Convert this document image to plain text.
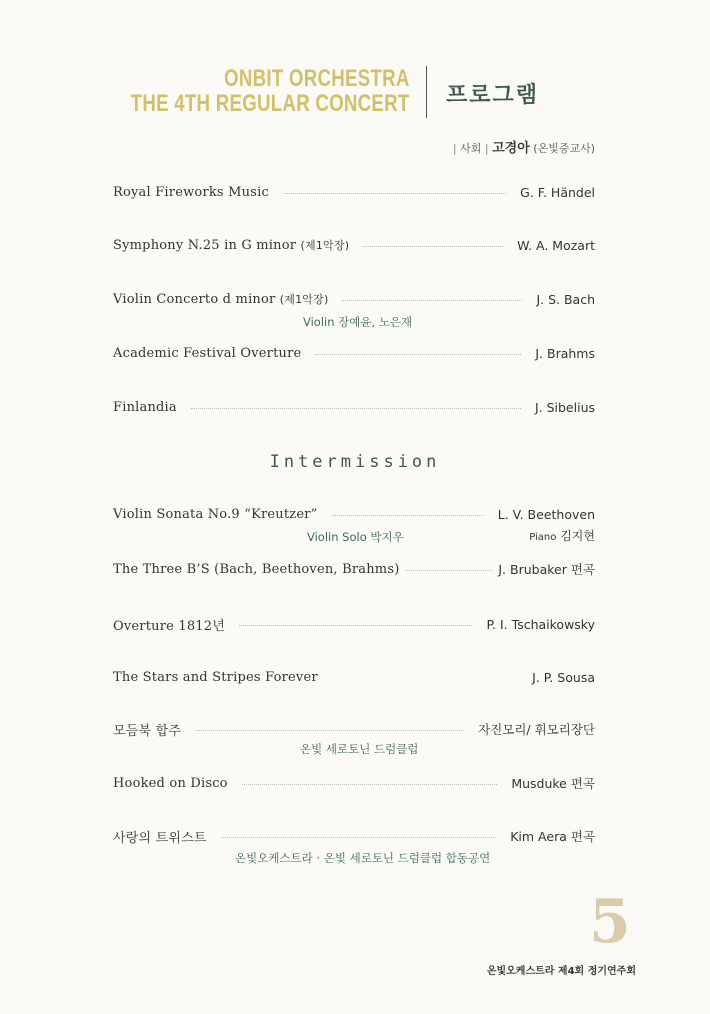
ONBIT ORCHESTRA
THE 4TH REGULAR CONCERT 프로그램
| 사회 | 고경아 (온빛중교사)
Royal Fireworks Music	G. F. Händel
Symphony N.25 in G minor (제1악장)	W. A. Mozart
Violin Concerto d minor (제1악장)	J. S. Bach
Violin 장예윤, 노은재
Academic Festival Overture	J. Brahms
Finlandia	J. Sibelius
Intermission
Violin Sonata No.9 “Kreutzer”	L. V. Beethoven
Violin Solo 박지우	Piano 김지현
The Three B’S (Bach, Beethoven, Brahms)	J. Brubaker 편곡
Overture 1812년	P. I. Tschaikowsky
The Stars and Stripes Forever	J. P. Sousa
모듬북 합주	자진모리/ 휘모리장단
온빛 세로토닌 드럼클럽
Hooked on Disco	Musduke 편곡
사랑의 트위스트	Kim Aera 편곡
온빛오케스트라 · 온빛 세로토닌 드럼클럽 합동공연
5
온빛오케스트라 제4회 정기연주회
